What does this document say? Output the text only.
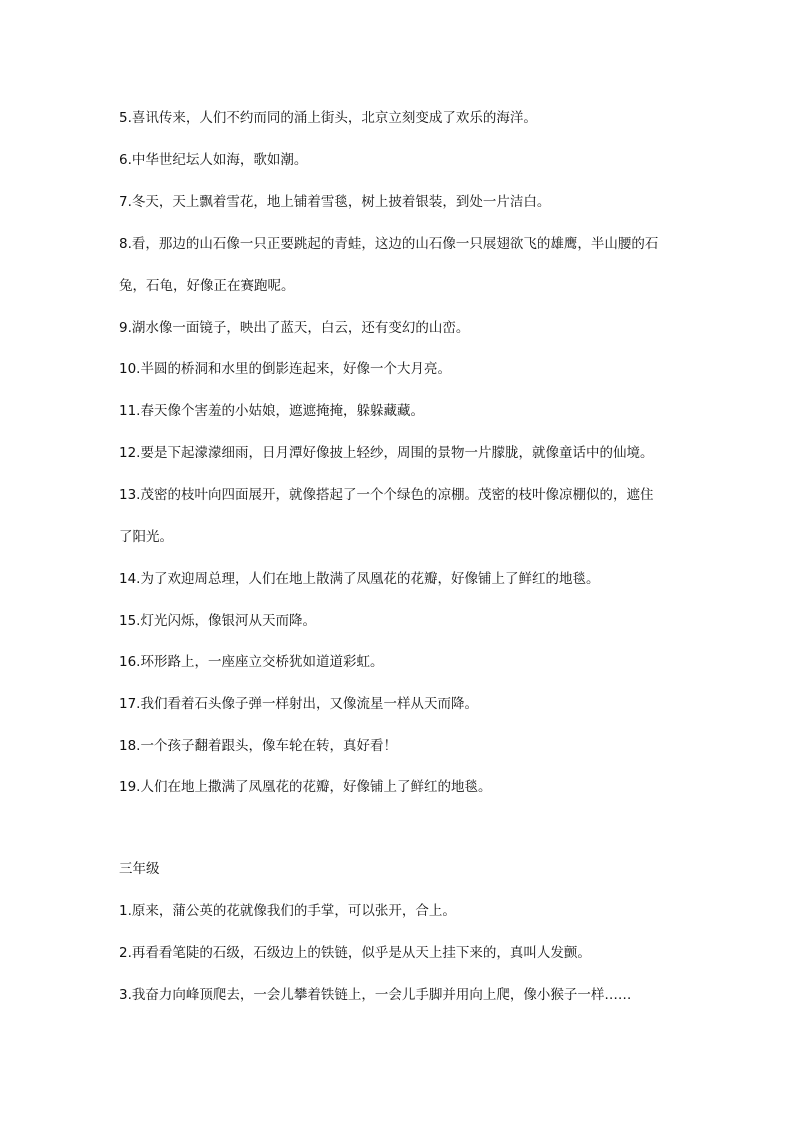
5.喜讯传来，人们不约而同的涌上街头，北京立刻变成了欢乐的海洋。
6.中华世纪坛人如海，歌如潮。
7.冬天，天上飘着雪花，地上铺着雪毯，树上披着银装，到处一片洁白。
8.看，那边的山石像一只正要跳起的青蛙，这边的山石像一只展翅欲飞的雄鹰，半山腰的石
兔，石龟，好像正在赛跑呢。
9.湖水像一面镜子，映出了蓝天，白云，还有变幻的山峦。
10.半圆的桥洞和水里的倒影连起来，好像一个大月亮。
11.春天像个害羞的小姑娘，遮遮掩掩，躲躲藏藏。
12.要是下起濛濛细雨，日月潭好像披上轻纱，周围的景物一片朦胧，就像童话中的仙境。
13.茂密的枝叶向四面展开，就像搭起了一个个绿色的凉棚。茂密的枝叶像凉棚似的，遮住
了阳光。
14.为了欢迎周总理，人们在地上散满了凤凰花的花瓣，好像铺上了鲜红的地毯。
15.灯光闪烁，像银河从天而降。
16.环形路上，一座座立交桥犹如道道彩虹。
17.我们看着石头像子弹一样射出，又像流星一样从天而降。
18.一个孩子翻着跟头，像车轮在转，真好看！
19.人们在地上撒满了凤凰花的花瓣，好像铺上了鲜红的地毯。
三年级
1.原来，蒲公英的花就像我们的手掌，可以张开，合上。
2.再看看笔陡的石级，石级边上的铁链，似乎是从天上挂下来的，真叫人发颤。
3.我奋力向峰顶爬去，一会儿攀着铁链上，一会儿手脚并用向上爬，像小猴子一样……
